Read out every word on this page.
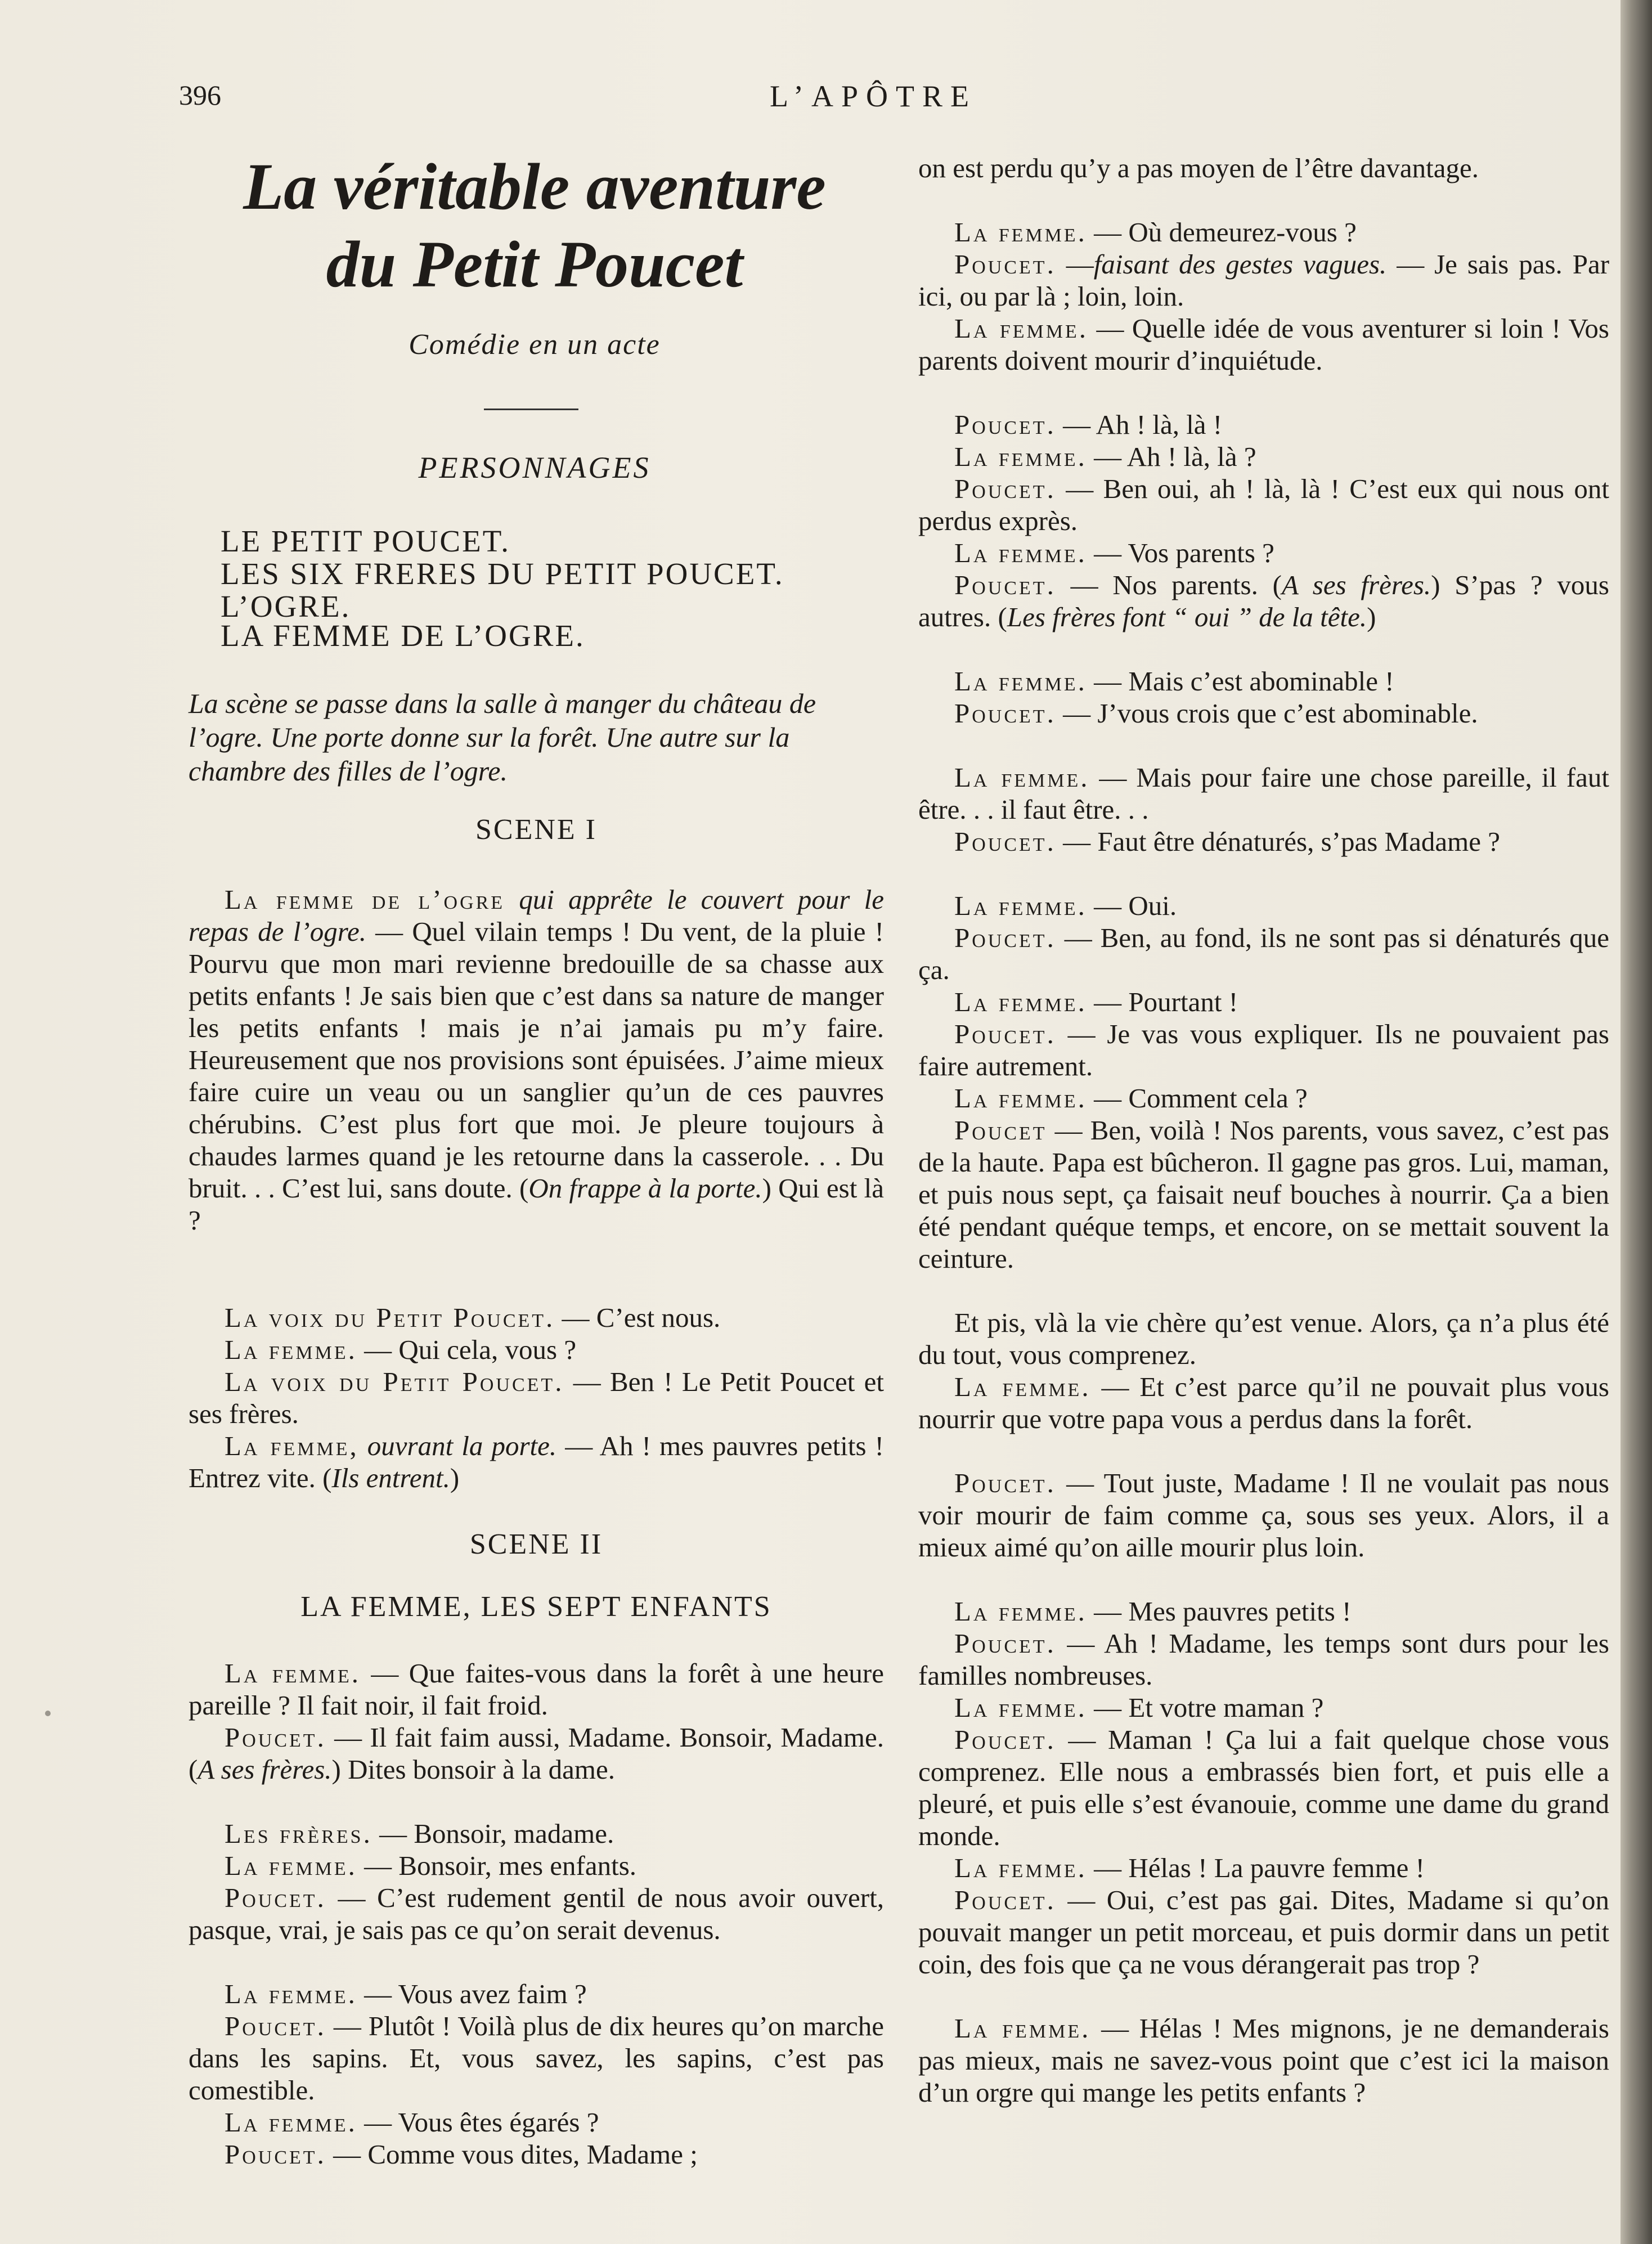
396	L’APÔTRE
La véritable aventure
du Petit Poucet
Comédie en un acte
PERSONNAGES
LE PETIT POUCET.
LES SIX FRERES DU PETIT POUCET.
L’OGRE.
LA FEMME DE L’OGRE.
La scène se passe dans la salle à manger du château de l’ogre. Une porte donne sur la forêt. Une autre sur la chambre des filles de l’ogre.
SCENE I
La femme de l’ogre qui apprête le couvert pour le repas de l’ogre. — Quel vilain temps ! Du vent, de la pluie ! Pourvu que mon mari revienne bredouille de sa chasse aux petits enfants ! Je sais bien que c’est dans sa nature de manger les petits enfants ! mais je n’ai jamais pu m’y faire. Heureusement que nos provisions sont épuisées. J’aime mieux faire cuire un veau ou un sanglier qu’un de ces pauvres chérubins. C’est plus fort que moi. Je pleure toujours à chaudes larmes quand je les retourne dans la casserole. . . Du bruit. . . C’est lui, sans doute. (On frappe à la porte.) Qui est là ?
La voix du Petit Poucet. — C’est nous.
La femme. — Qui cela, vous ?
La voix du Petit Poucet. — Ben ! Le Petit Poucet et ses frères.
La femme, ouvrant la porte. — Ah ! mes pauvres petits ! Entrez vite. (Ils entrent.)
SCENE II
LA FEMME, LES SEPT ENFANTS
La femme. — Que faites-vous dans la forêt à une heure pareille ? Il fait noir, il fait froid.
Poucet. — Il fait faim aussi, Madame. Bonsoir, Madame. (A ses frères.) Dites bonsoir à la dame.
Les frères. — Bonsoir, madame.
La femme. — Bonsoir, mes enfants.
Poucet. — C’est rudement gentil de nous avoir ouvert, pasque, vrai, je sais pas ce qu’on serait devenus.
La femme. — Vous avez faim ?
Poucet. — Plutôt ! Voilà plus de dix heures qu’on marche dans les sapins. Et, vous savez, les sapins, c’est pas comestible.
La femme. — Vous êtes égarés ?
Poucet. — Comme vous dites, Madame ;
on est perdu qu’y a pas moyen de l’être davantage.
La femme. — Où demeurez-vous ?
Poucet. —faisant des gestes vagues. — Je sais pas. Par ici, ou par là ; loin, loin.
La femme. — Quelle idée de vous aventurer si loin ! Vos parents doivent mourir d’inquiétude.
Poucet. — Ah ! là, là !
La femme. — Ah ! là, là ?
Poucet. — Ben oui, ah ! là, là ! C’est eux qui nous ont perdus exprès.
La femme. — Vos parents ?
Poucet. — Nos parents. (A ses frères.) S’pas ? vous autres. (Les frères font “ oui ” de la tête.)
La femme. — Mais c’est abominable !
Poucet. — J’vous crois que c’est abominable.
La femme. — Mais pour faire une chose pareille, il faut être. . . il faut être. . .
Poucet. — Faut être dénaturés, s’pas Madame ?
La femme. — Oui.
Poucet. — Ben, au fond, ils ne sont pas si dénaturés que ça.
La femme. — Pourtant !
Poucet. — Je vas vous expliquer. Ils ne pouvaient pas faire autrement.
La femme. — Comment cela ?
Poucet — Ben, voilà ! Nos parents, vous savez, c’est pas de la haute. Papa est bûcheron. Il gagne pas gros. Lui, maman, et puis nous sept, ça faisait neuf bouches à nourrir. Ça a bien été pendant quéque temps, et encore, on se mettait souvent la ceinture.
Et pis, vlà la vie chère qu’est venue. Alors, ça n’a plus été du tout, vous comprenez.
La femme. — Et c’est parce qu’il ne pouvait plus vous nourrir que votre papa vous a perdus dans la forêt.
Poucet. — Tout juste, Madame ! Il ne voulait pas nous voir mourir de faim comme ça, sous ses yeux. Alors, il a mieux aimé qu’on aille mourir plus loin.
La femme. — Mes pauvres petits !
Poucet. — Ah ! Madame, les temps sont durs pour les familles nombreuses.
La femme. — Et votre maman ?
Poucet. — Maman ! Ça lui a fait quelque chose vous comprenez. Elle nous a embrassés bien fort, et puis elle a pleuré, et puis elle s’est évanouie, comme une dame du grand monde.
La femme. — Hélas ! La pauvre femme !
Poucet. — Oui, c’est pas gai. Dites, Madame si qu’on pouvait manger un petit morceau, et puis dormir dans un petit coin, des fois que ça ne vous dérangerait pas trop ?
La femme. — Hélas ! Mes mignons, je ne demanderais pas mieux, mais ne savez-vous point que c’est ici la maison d’un orgre qui mange les petits enfants ?
